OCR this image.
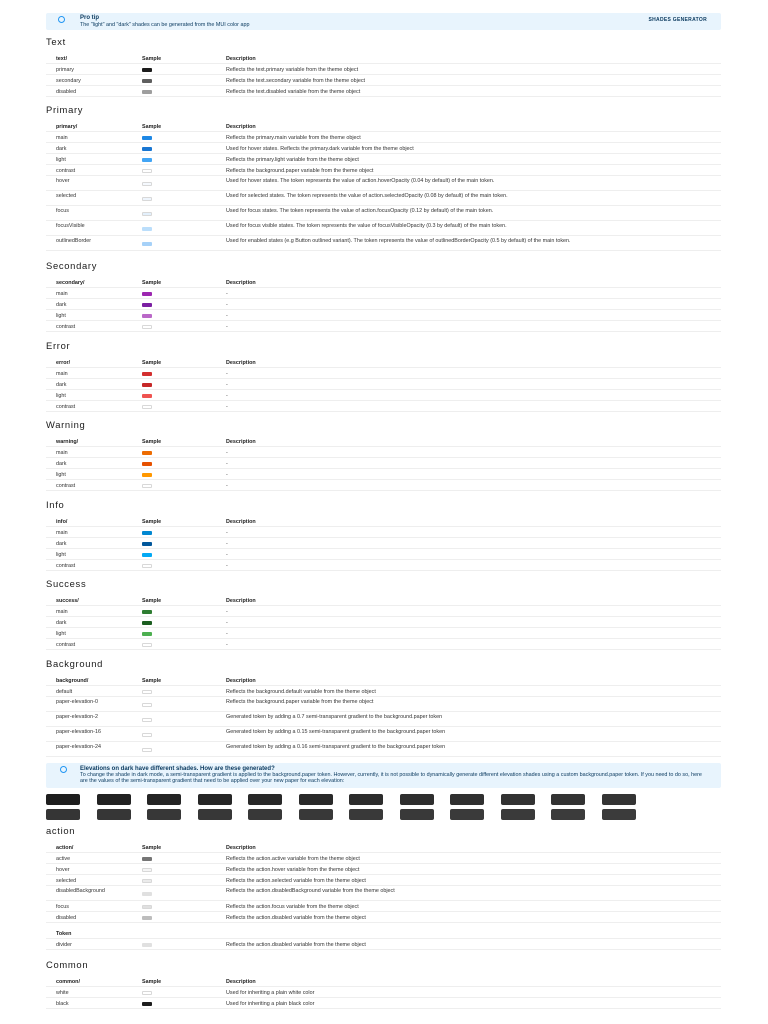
Pro tip
The "light" and "dark" shades can be generated from the MUI color app
SHADES GENERATOR
Text
text/	Sample	Description
primary	Reflects the text.primary variable from the theme object
secondary	Reflects the text.secondary variable from the theme object
disabled	Reflects the text.disabled variable from the theme object
Primary
primary/	Sample	Description
main	Reflects the primary.main variable from the theme object
dark	Used for hover states. Reflects the primary.dark variable from the theme object
light	Reflects the primary.light variable from the theme object
contrast	Reflects the background.paper variable from the theme object
hover	Used for hover states. The token represents the value of action.hoverOpacity (0.04 by default) of the main token.
selected	Used for selected states. The token represents the value of action.selectedOpacity (0.08 by default) of the main token.
focus	Used for focus states. The token represents the value of action.focusOpacity (0.12 by default) of the main token.
focusVisible	Used for focus visible states. The token represents the value of focusVisibleOpacity (0.3 by default) of the main token.
outlinedBorder	Used for enabled states (e.g Button outlined variant). The token represents the value of outlinedBorderOpacity (0.5 by default) of the main token.
Secondary
secondary/	Sample	Description
main	-
dark	-
light	-
contrast	-
Error
error/	Sample	Description
main	-
dark	-
light	-
contrast	-
Warning
warning/	Sample	Description
main	-
dark	-
light	-
contrast	-
Info
info/	Sample	Description
main	-
dark	-
light	-
contrast	-
Success
success/	Sample	Description
main	-
dark	-
light	-
contrast	-
Background
background/	Sample	Description
default	Reflects the background.default variable from the theme object
paper-elevation-0	Reflects the background.paper variable from the theme object
paper-elevation-2	Generated token by adding a 0.7 semi-transparent gradient to the background.paper token
paper-elevation-16	Generated token by adding a 0.15 semi-transparent gradient to the background.paper token
paper-elevation-24	Generated token by adding a 0.16 semi-transparent gradient to the background.paper token
action
action/	Sample	Description
active	Reflects the action.active variable from the theme object
hover	Reflects the action.hover variable from the theme object
selected	Reflects the action.selected variable from the theme object
disabledBackground	Reflects the action.disabledBackground variable from the theme object
focus	Reflects the action.focus variable from the theme object
disabled	Reflects the action.disabled variable from the theme object
Token
divider	Reflects the action.disabled variable from the theme object
Common
common/	Sample	Description
white	Used for inheriting a plain white color
black	Used for inheriting a plain black color
Elevations on dark have different shades. How are these generated?
To change the shade in dark mode, a semi-transparent gradient is applied to the background.paper token. However, currently, it is not possible to dynamically generate different elevation shades using a custom background.paper token. If you need to do so, here are the values of the semi-transparent gradient that need to be applied over your new paper for each elevation:
